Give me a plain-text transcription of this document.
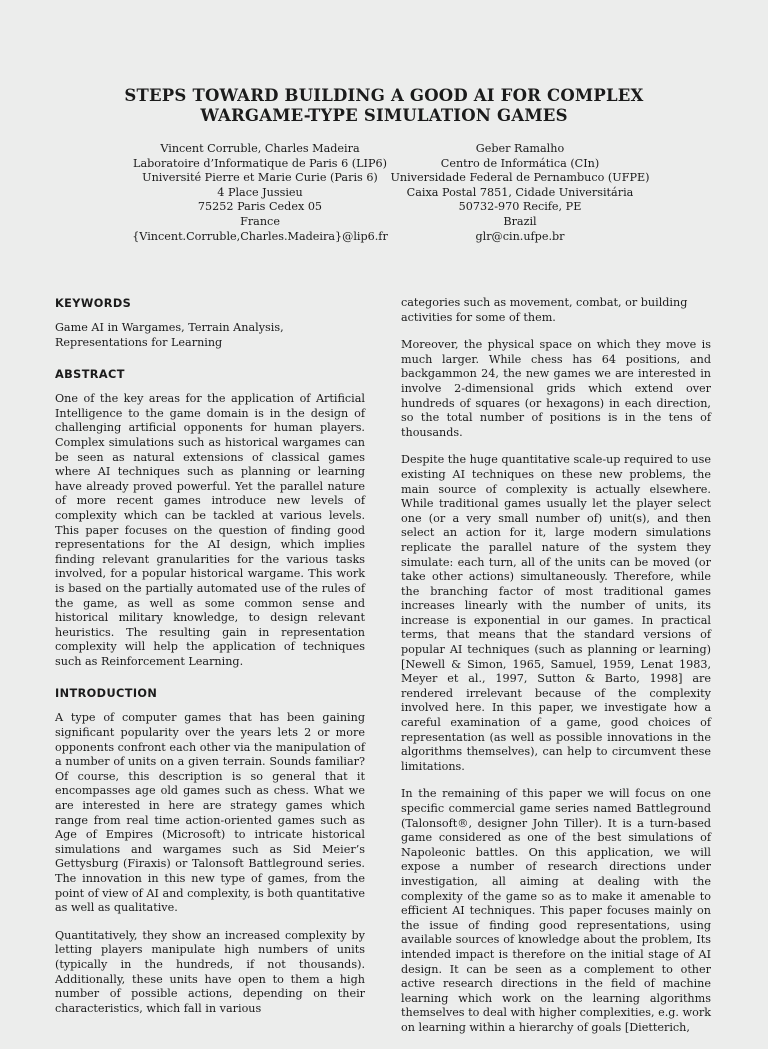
STEPS TOWARD BUILDING A GOOD AI FOR COMPLEX
WARGAME-TYPE SIMULATION GAMES
Vincent Corruble, Charles Madeira
Laboratoire d’Informatique de Paris 6 (LIP6)
Université Pierre et Marie Curie (Paris 6)
4 Place Jussieu
75252 Paris Cedex 05
France
{Vincent.Corruble,Charles.Madeira}@lip6.fr
Geber Ramalho
Centro de Informática (CIn)
Universidade Federal de Pernambuco (UFPE)
Caixa Postal 7851, Cidade Universitária
50732-970 Recife, PE
Brazil
glr@cin.ufpe.br
KEYWORDS

Game AI in Wargames, Terrain Analysis, Representations for Learning

ABSTRACT

One of the key areas for the application of Artificial Intelligence to the game domain is in the design of challenging artificial opponents for human players. Complex simulations such as historical wargames can be seen as natural extensions of classical games where AI techniques such as planning or learning have already proved powerful. Yet the parallel nature of more recent games introduce new levels of complexity which can be tackled at various levels. This paper focuses on the question of finding good representations for the AI design, which implies finding relevant granularities for the various tasks involved, for a popular historical wargame. This work is based on the partially automated use of the rules of the game, as well as some common sense and historical military knowledge, to design relevant heuristics. The resulting gain in representation complexity will help the application of techniques such as Reinforcement Learning.

INTRODUCTION

A type of computer games that has been gaining significant popularity over the years lets 2 or more opponents confront each other via the manipulation of a number of units on a given terrain. Sounds familiar? Of course, this description is so general that it encompasses age old games such as chess. What we are interested in here are strategy games which range from real time action-oriented games such as Age of Empires (Microsoft) to intricate historical simulations and wargames such as Sid Meier’s Gettysburg (Firaxis) or Talonsoft Battleground series. The innovation in this new type of games, from the point of view of AI and complexity, is both quantitative as well as qualitative.

Quantitatively, they show an increased complexity by letting players manipulate high numbers of units (typically in the hundreds, if not thousands). Additionally, these units have open to them a high number of possible actions, depending on their characteristics, which fall in various

categories such as movement, combat, or building activities for some of them.

Moreover, the physical space on which they move is much larger. While chess has 64 positions, and backgammon 24, the new games we are interested in involve 2-dimensional grids which extend over hundreds of squares (or hexagons) in each direction, so the total number of positions is in the tens of thousands.

Despite the huge quantitative scale-up required to use existing AI techniques on these new problems, the main source of complexity is actually elsewhere. While traditional games usually let the player select one (or a very small number of) unit(s), and then select an action for it, large modern simulations replicate the parallel nature of the system they simulate: each turn, all of the units can be moved (or take other actions) simultaneously. Therefore, while the branching factor of most traditional games increases linearly with the number of units, its increase is exponential in our games. In practical terms, that means that the standard versions of popular AI techniques (such as planning or learning) [Newell & Simon, 1965, Samuel, 1959, Lenat 1983, Meyer et al., 1997, Sutton & Barto, 1998] are rendered irrelevant because of the complexity involved here. In this paper, we investigate how a careful examination of a game, good choices of representation (as well as possible innovations in the algorithms themselves), can help to circumvent these limitations.

In the remaining of this paper we will focus on one specific commercial game series named Battleground (Talonsoft®, designer John Tiller). It is a turn-based game considered as one of the best simulations of Napoleonic battles. On this application, we will expose a number of research directions under investigation, all aiming at dealing with the complexity of the game so as to make it amenable to efficient AI techniques. This paper focuses mainly on the issue of finding good representations, using available sources of knowledge about the problem, Its intended impact is therefore on the initial stage of AI design. It can be seen as a complement to other active research directions in the field of machine learning which work on the learning algorithms themselves to deal with higher complexities, e.g. work on learning within a hierarchy of goals [Dietterich,
